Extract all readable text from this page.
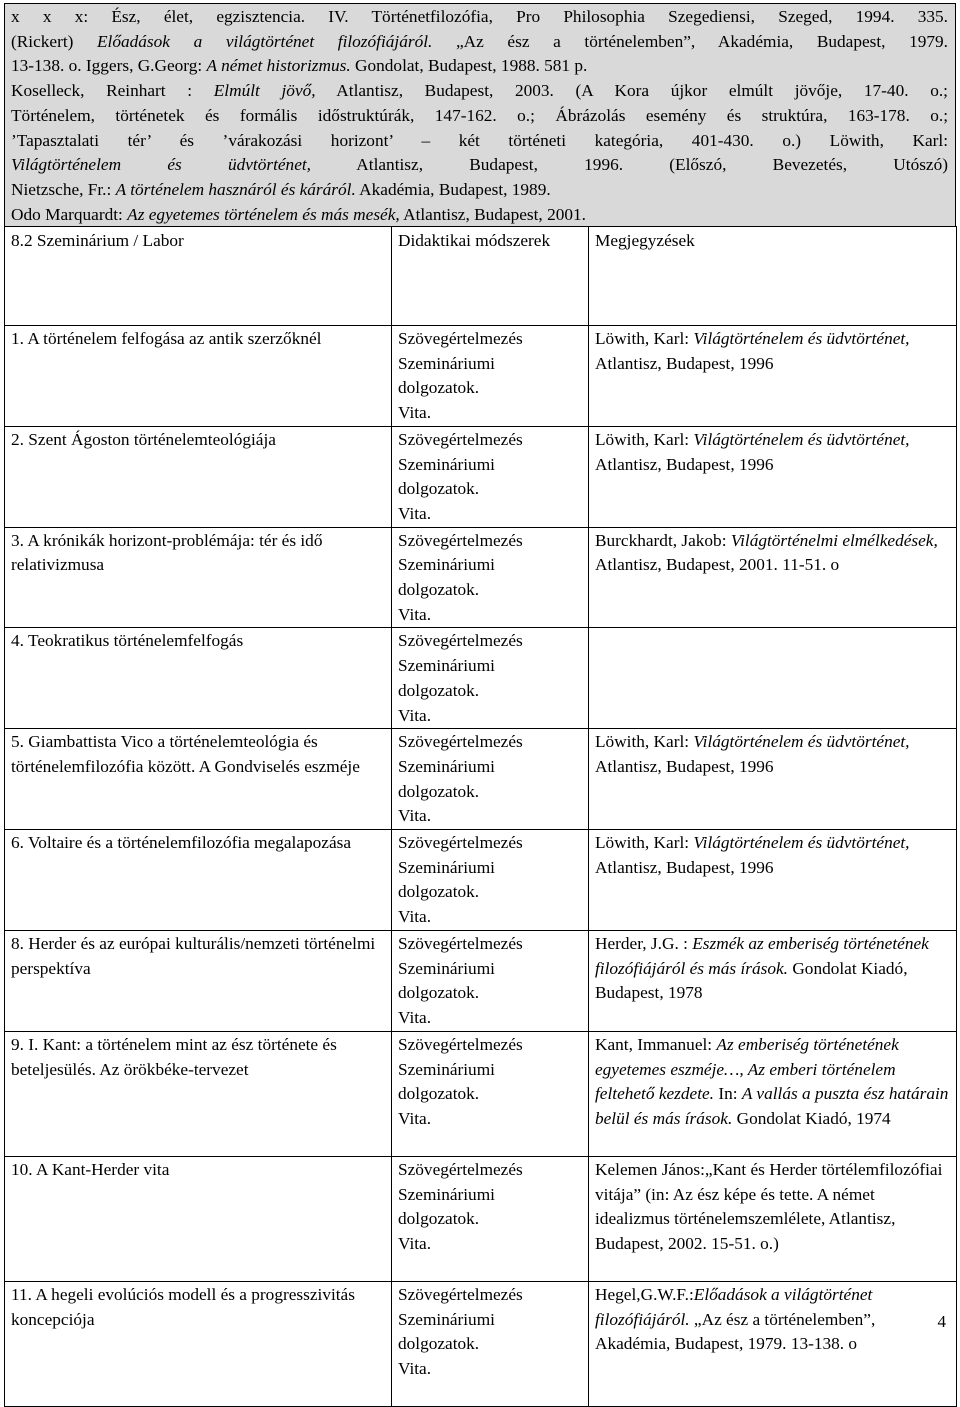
x x x: Ész, élet, egzisztencia. IV. Történetfilozófia, Pro Philosophia Szegediensi, Szeged, 1994. 335.

(Rickert) Előadások a világtörténet filozófiájáról. „Az ész a történelemben”, Akadémia, Budapest, 1979.

13-138. o. Iggers, G.Georg: A német historizmus. Gondolat, Budapest, 1988. 581 p.

Koselleck, Reinhart : Elmúlt jövő, Atlantisz, Budapest, 2003. (A Kora újkor elmúlt jövője, 17-40. o.;

Történelem, történetek és formális időstruktúrák, 147-162. o.; Ábrázolás esemény és struktúra, 163-178. o.;

’Tapasztalati tér’ és ’várakozási horizont’ – két történeti kategória, 401-430. o.) Löwith, Karl:

Világtörténelem és üdvtörténet, Atlantisz, Budapest, 1996. (Előszó, Bevezetés, Utószó)

Nietzsche, Fr.: A történelem hasznáról és káráról. Akadémia, Budapest, 1989.

Odo Marquardt: Az egyetemes történelem és más mesék, Atlantisz, Budapest, 2001.

8.2 Szeminárium / Labor	Didaktikai módszerek	Megjegyzések
1. A történelem felfogása az antik szerzőknél	Szövegértelmezés
Szemináriumi
dolgozatok.
Vita.	Löwith, Karl: Világtörténelem és üdvtörténet, Atlantisz, Budapest, 1996
2. Szent Ágoston történelemteológiája	Szövegértelmezés
Szemináriumi
dolgozatok.
Vita.	Löwith, Karl: Világtörténelem és üdvtörténet, Atlantisz, Budapest, 1996
3. A krónikák horizont-problémája: tér és idő relativizmusa	Szövegértelmezés
Szemináriumi
dolgozatok.
Vita.	Burckhardt, Jakob: Világtörténelmi elmélkedések, Atlantisz, Budapest, 2001. 11-51. o
4. Teokratikus történelemfelfogás	Szövegértelmezés
Szemináriumi
dolgozatok.
Vita.	

5. Giambattista Vico a történelemteológia és történelemfilozófia között. A Gondviselés eszméje	Szövegértelmezés
Szemináriumi
dolgozatok.
Vita.	Löwith, Karl: Világtörténelem és üdvtörténet, Atlantisz, Budapest, 1996
6. Voltaire és a történelemfilozófia megalapozása	Szövegértelmezés
Szemináriumi
dolgozatok.
Vita.	Löwith, Karl: Világtörténelem és üdvtörténet, Atlantisz, Budapest, 1996
8. Herder és az európai kulturális/nemzeti történelmi perspektíva	Szövegértelmezés
Szemináriumi
dolgozatok.
Vita.	Herder, J.G. : Eszmék az emberiség történetének filozófiájáról és más írások. Gondolat Kiadó, Budapest, 1978
9. I. Kant: a történelem mint az ész története és beteljesülés. Az örökbéke-tervezet	Szövegértelmezés
Szemináriumi
dolgozatok.
Vita.	Kant, Immanuel: Az emberiség történetének egyetemes eszméje…, Az emberi történelem feltehető kezdete. In: A vallás a puszta ész határain belül és más írások. Gondolat Kiadó, 1974
10. A Kant-Herder vita	Szövegértelmezés
Szemináriumi
dolgozatok.
Vita.	Kelemen János:„Kant és Herder törtélemfilozófiai vitája” (in: Az ész képe és tette. A német idealizmus történelemszemlélete, Atlantisz, Budapest, 2002. 15-51. o.)
11. A hegeli evolúciós modell és a progresszivitás koncepciója	Szövegértelmezés
Szemináriumi
dolgozatok.
Vita.	Hegel,G.W.F.:Előadások a világtörténet filozófiájáról. „Az ész a történelemben”, Akadémia, Budapest, 1979. 13-138. o
4
